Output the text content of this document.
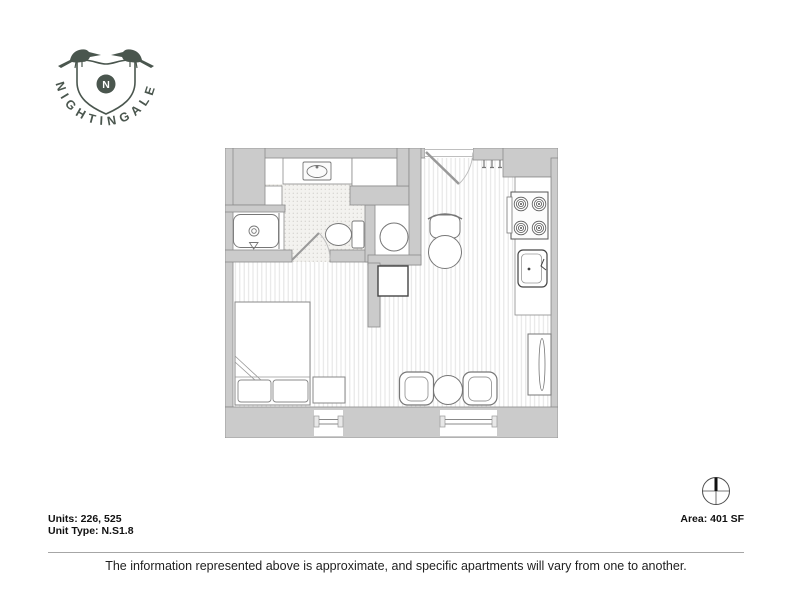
N
NIGHTINGALE
Units: 226, 525
Unit Type: N.S1.8
Area: 401 SF
The information represented above is approximate, and specific apartments will vary from one to another.
